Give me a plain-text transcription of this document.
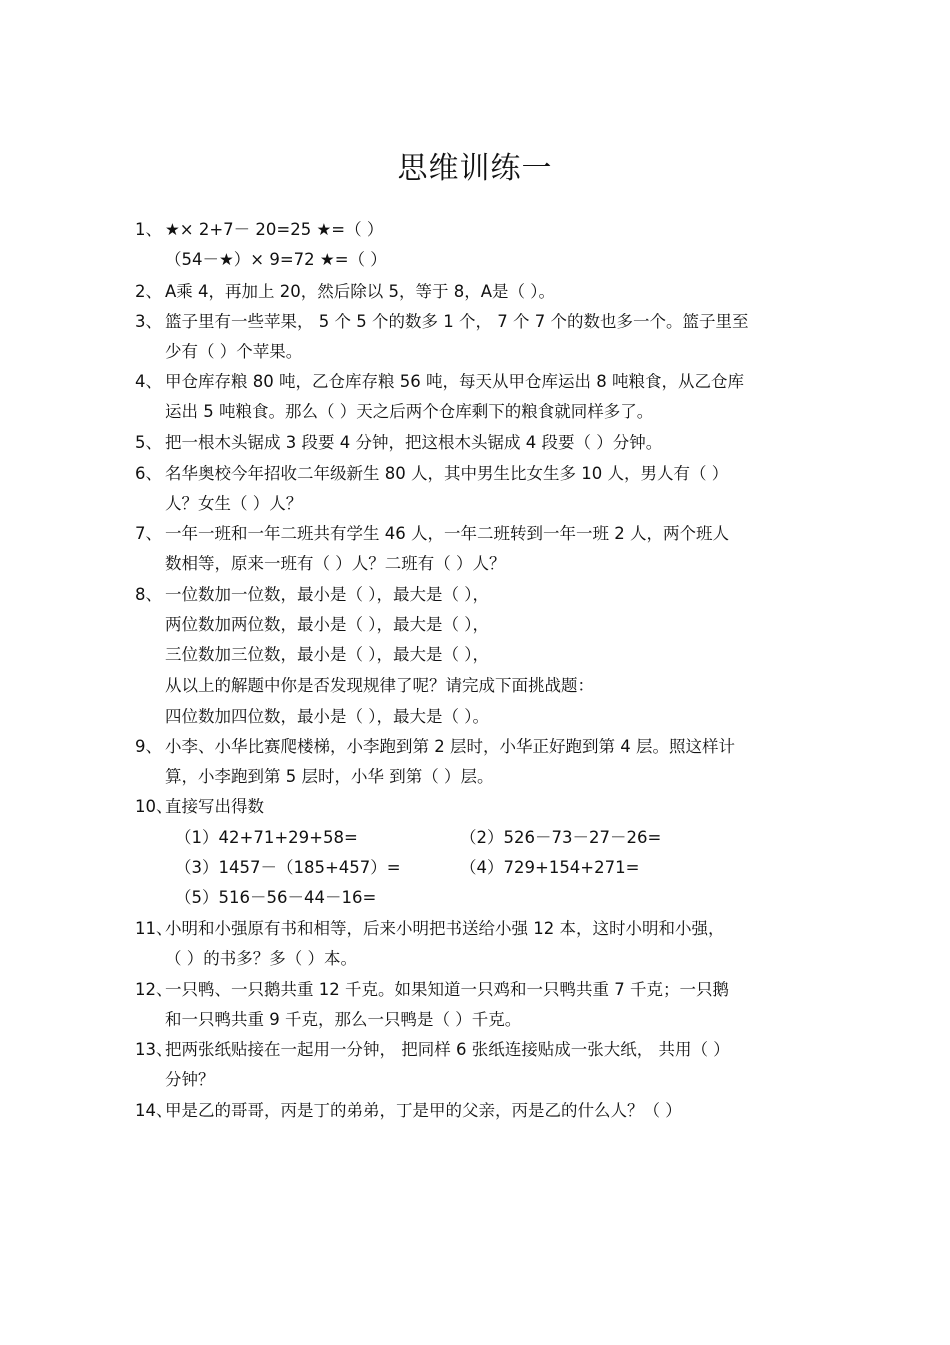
思维训练一
1、 ★× 2+7－ 20=25 ★=（ ）
（54－★）× 9=72 ★=（ ）
2、 A乘 4，再加上 20，然后除以 5，等于 8，A是（ ）。
3、 篮子里有一些苹果， 5 个 5 个的数多 1 个， 7 个 7 个的数也多一个。篮子里至
少有（ ）个苹果。
4、 甲仓库存粮 80 吨，乙仓库存粮 56 吨，每天从甲仓库运出 8 吨粮食，从乙仓库
运出 5 吨粮食。那么（ ）天之后两个仓库剩下的粮食就同样多了。
5、 把一根木头锯成 3 段要 4 分钟，把这根木头锯成 4 段要（ ）分钟。
6、 名华奥校今年招收二年级新生 80 人，其中男生比女生多 10 人，男人有（ ）
人？女生（ ）人？
7、 一年一班和一年二班共有学生 46 人，一年二班转到一年一班 2 人，两个班人
数相等，原来一班有（ ）人？二班有（ ）人？
8、 一位数加一位数，最小是（ ），最大是（ ），
两位数加两位数，最小是（ ），最大是（ ），
三位数加三位数，最小是（ ），最大是（ ），
从以上的解题中你是否发现规律了呢？请完成下面挑战题：
四位数加四位数，最小是（ ），最大是（ ）。
9、 小李、小华比赛爬楼梯，小李跑到第 2 层时，小华正好跑到第 4 层。照这样计
算，小李跑到第 5 层时，小华 到第（ ）层。
10、直接写出得数
（1）42+71+29+58=	（2）526－73－27－26=
（3）1457－（185+457）=	（4）729+154+271=
（5）516－56－44－16=
11、小明和小强原有书和相等，后来小明把书送给小强 12 本，这时小明和小强，
（ ）的书多？多（ ）本。
12、一只鸭、一只鹅共重 12 千克。如果知道一只鸡和一只鸭共重 7 千克；一只鹅
和一只鸭共重 9 千克，那么一只鸭是（ ）千克。
13、把两张纸贴接在一起用一分钟， 把同样 6 张纸连接贴成一张大纸， 共用（ ）
分钟？
14、甲是乙的哥哥，丙是丁的弟弟，丁是甲的父亲，丙是乙的什么人？（ ）
